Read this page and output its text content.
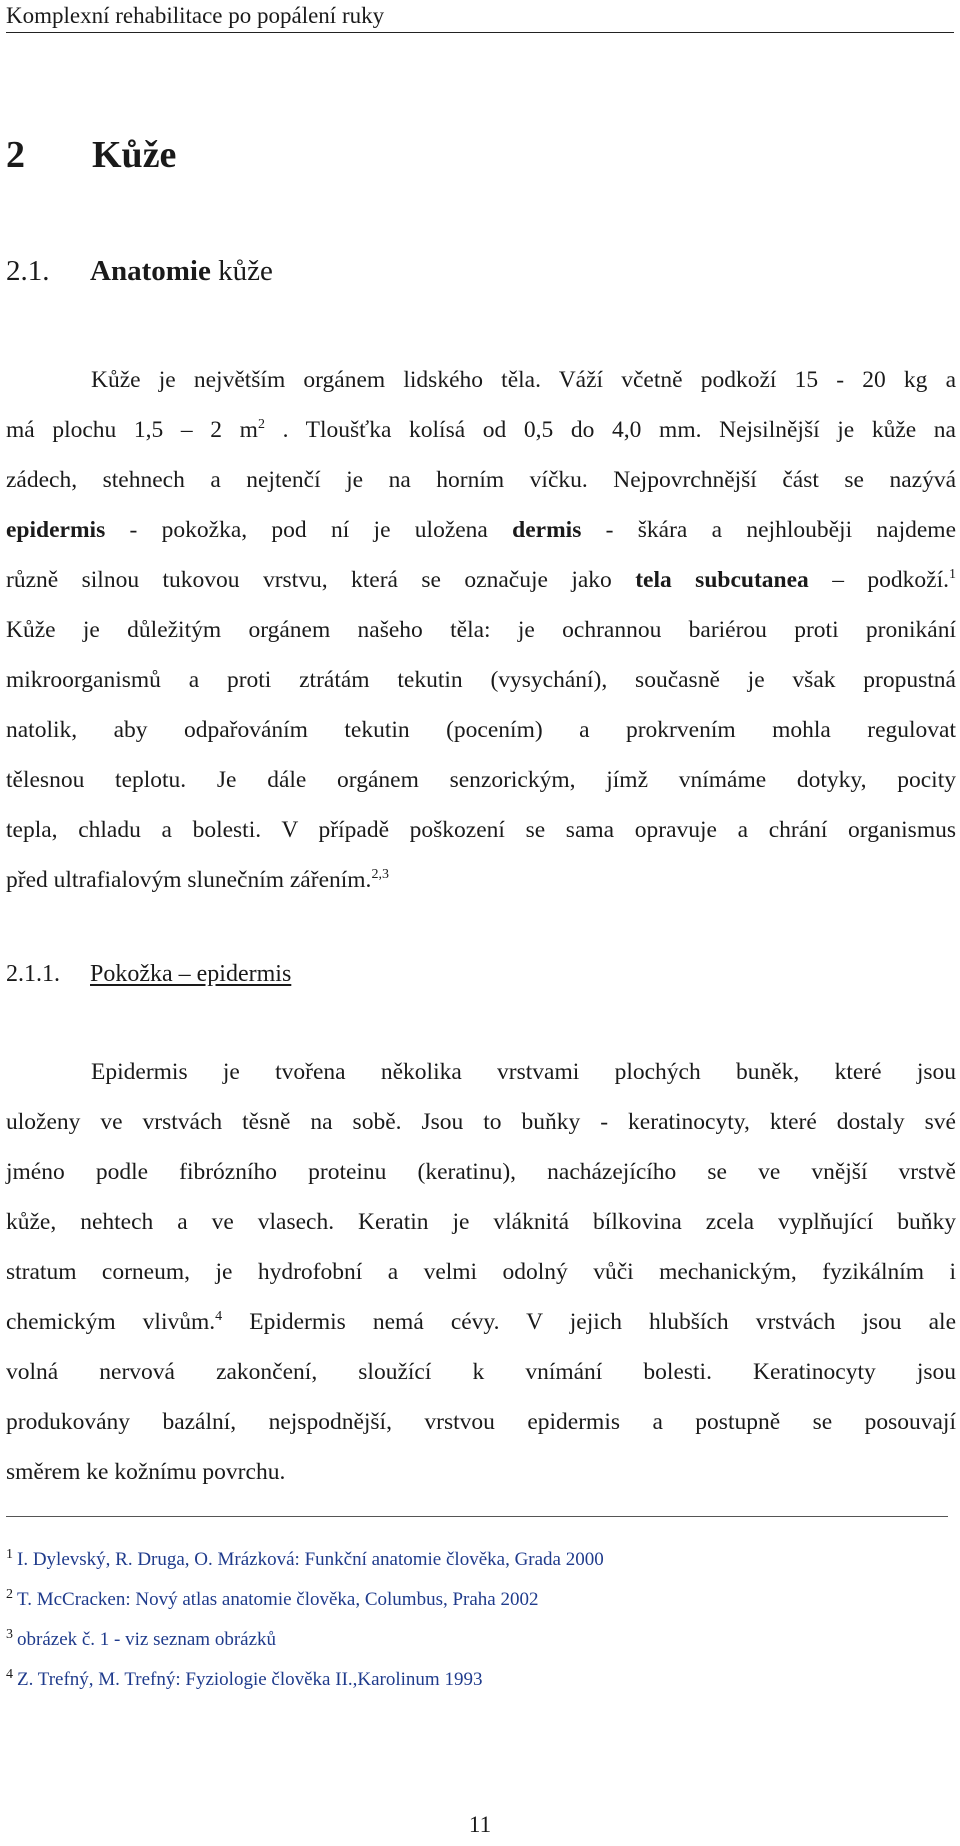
Komplexní rehabilitace po popálení ruky
2 Kůže
2.1. Anatomie kůže
Kůže je největším orgánem lidského těla. Váží včetně podkoží 15 - 20 kg a
má plochu 1,5 – 2 $m^2$ . Tloušťka kolísá od 0,5 do 4,0 mm. Nejsilnější je kůže na
zádech, stehnech a nejtenčí je na horním víčku. Nejpovrchnější část se nazývá
epidermis - pokožka, pod ní je uložena dermis - škára a nejhlouběji najdeme
různě silnou tukovou vrstvu, která se označuje jako tela subcutanea – podkoží.$^1$
Kůže je důležitým orgánem našeho těla: je ochrannou bariérou proti pronikání
mikroorganismů a proti ztrátám tekutin (vysychání), současně je však propustná
natolik, aby odpařováním tekutin (pocením) a prokrvením mohla regulovat
tělesnou teplotu. Je dále orgánem senzorickým, jímž vnímáme dotyky, pocity
tepla, chladu a bolesti. V případě poškození se sama opravuje a chrání organismus
před ultrafialovým slunečním zářením.$^{2,3}$
2.1.1. Pokožka – epidermis
Epidermis je tvořena několika vrstvami plochých buněk, které jsou
uloženy ve vrstvách těsně na sobě. Jsou to buňky - keratinocyty, které dostaly své
jméno podle fibrózního proteinu (keratinu), nacházejícího se ve vnější vrstvě
kůže, nehtech a ve vlasech. Keratin je vláknitá bílkovina zcela vyplňující buňky
stratum corneum, je hydrofobní a velmi odolný vůči mechanickým, fyzikálním i
chemickým vlivům.$^4$ Epidermis nemá cévy. V jejich hlubších vrstvách jsou ale
volná nervová zakončení, sloužící k vnímání bolesti. Keratinocyty jsou
produkovány bazální, nejspodnější, vrstvou epidermis a postupně se posouvají
směrem ke kožnímu povrchu.
$^1$ I. Dylevský, R. Druga, O. Mrázková: Funkční anatomie člověka, Grada 2000
$^2$ T. McCracken: Nový atlas anatomie člověka, Columbus, Praha 2002
$^3$ obrázek č. 1 - viz seznam obrázků
$^4$ Z. Trefný, M. Trefný: Fyziologie člověka II.,Karolinum 1993
11
